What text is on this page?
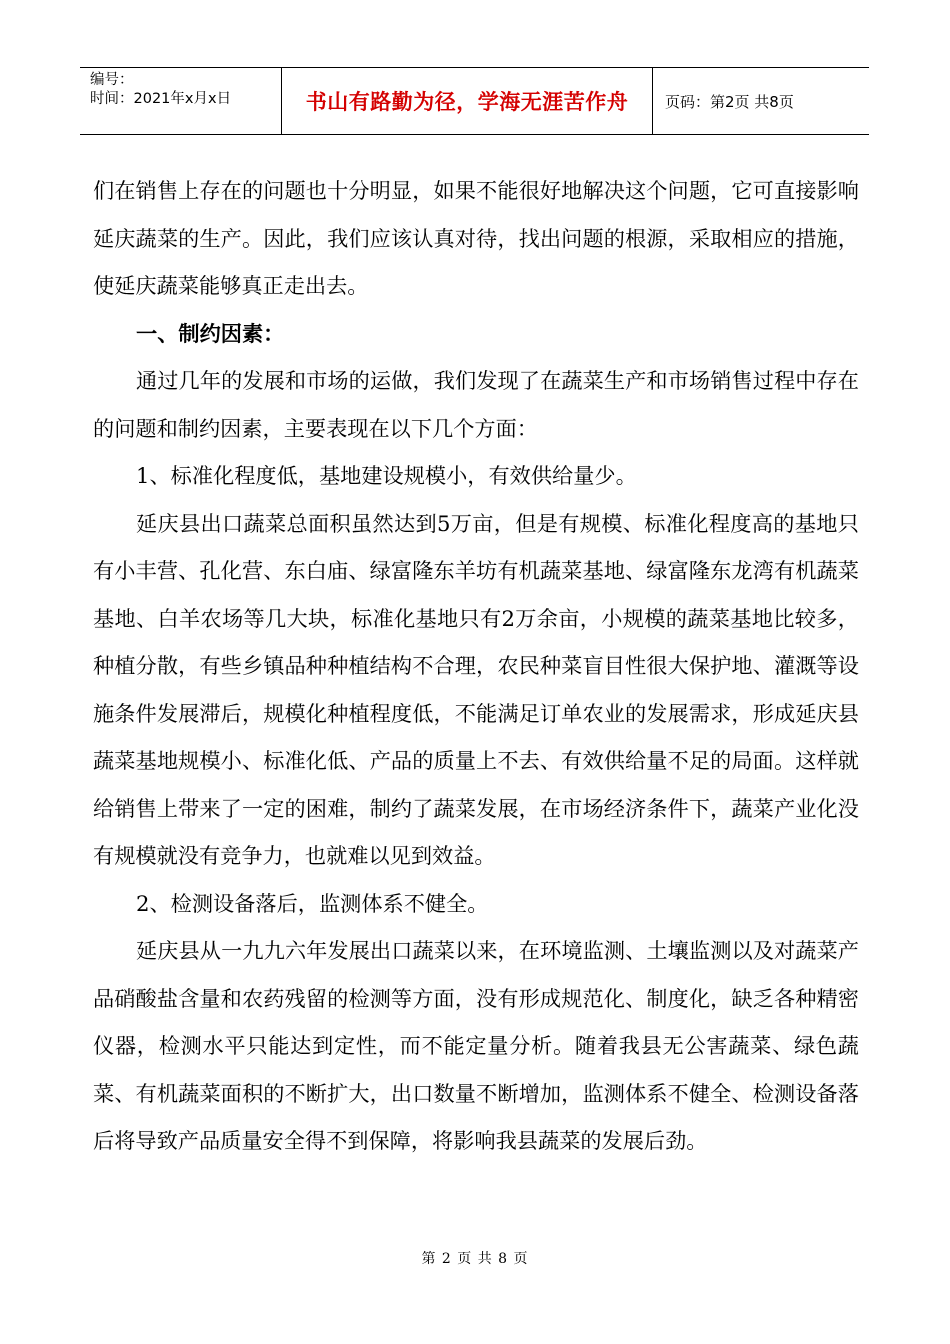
编号：
时间：2021年x月x日	书山有路勤为径，学海无涯苦作舟 页码：第2页 共8页

们在销售上存在的问题也十分明显，如果不能很好地解决这个问题，它可直接影响延庆蔬菜的生产。因此，我们应该认真对待，找出问题的根源，采取相应的措施，使延庆蔬菜能够真正走出去。

一、制约因素：

通过几年的发展和市场的运做，我们发现了在蔬菜生产和市场销售过程中存在的问题和制约因素，主要表现在以下几个方面：

1、标准化程度低，基地建设规模小，有效供给量少。

延庆县出口蔬菜总面积虽然达到5万亩，但是有规模、标准化程度高的基地只有小丰营、孔化营、东白庙、绿富隆东羊坊有机蔬菜基地、绿富隆东龙湾有机蔬菜基地、白羊农场等几大块，标准化基地只有2万余亩，小规模的蔬菜基地比较多，种植分散，有些乡镇品种种植结构不合理，农民种菜盲目性很大保护地、灌溉等设施条件发展滞后，规模化种植程度低，不能满足订单农业的发展需求，形成延庆县蔬菜基地规模小、标准化低、产品的质量上不去、有效供给量不足的局面。这样就给销售上带来了一定的困难，制约了蔬菜发展，在市场经济条件下，蔬菜产业化没有规模就没有竞争力，也就难以见到效益。

2、检测设备落后，监测体系不健全。

延庆县从一九九六年发展出口蔬菜以来，在环境监测、土壤监测以及对蔬菜产品硝酸盐含量和农药残留的检测等方面，没有形成规范化、制度化，缺乏各种精密仪器，检测水平只能达到定性，而不能定量分析。随着我县无公害蔬菜、绿色蔬菜、有机蔬菜面积的不断扩大，出口数量不断增加，监测体系不健全、检测设备落后将导致产品质量安全得不到保障，将影响我县蔬菜的发展后劲。

第 2 页 共 8 页
